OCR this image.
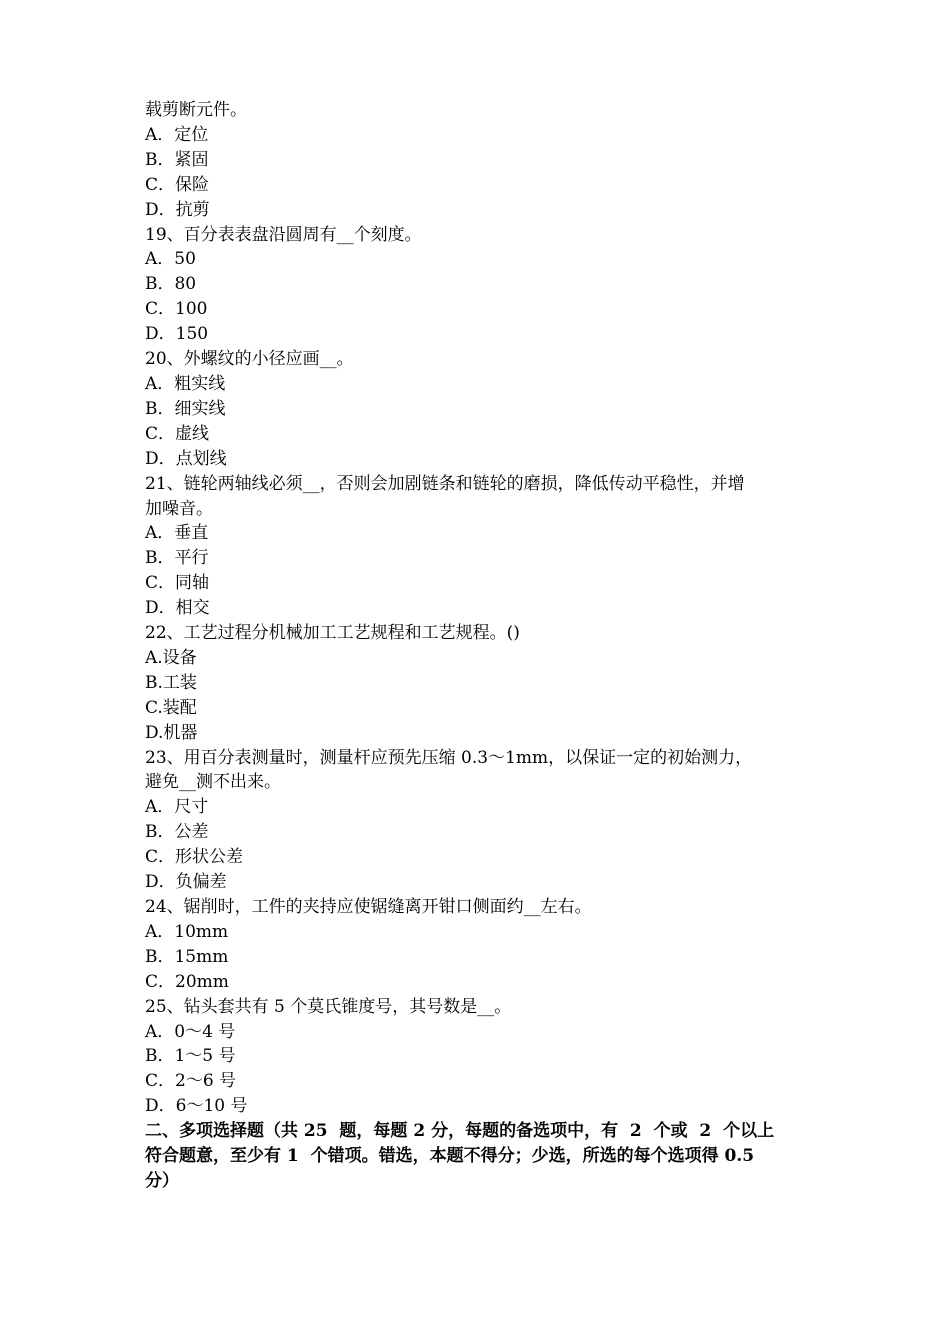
载剪断元件。
A．定位
B．紧固
C．保险
D．抗剪
19、百分表表盘沿圆周有__个刻度。
A．50
B．80
C．100
D．150
20、外螺纹的小径应画__。
A．粗实线
B．细实线
C．虚线
D．点划线
21、链轮两轴线必须__，否则会加剧链条和链轮的磨损，降低传动平稳性，并增
加噪音。
A．垂直
B．平行
C．同轴
D．相交
22、工艺过程分机械加工工艺规程和工艺规程。()
A.设备
B.工装
C.装配
D.机器
23、用百分表测量时，测量杆应预先压缩 0.3～1mm，以保证一定的初始测力，
避免__测不出来。
A．尺寸
B．公差
C．形状公差
D．负偏差
24、锯削时，工件的夹持应使锯缝离开钳口侧面约__左右。
A．10mm
B．15mm
C．20mm
25、钻头套共有 5 个莫氏锥度号，其号数是__。
A．0～4 号
B．1～5 号
C．2～6 号
D．6～10 号
二、多项选择题（共 25  题，每题 2 分，每题的备选项中，有  2  个或  2  个以上
符合题意，至少有 1  个错项。错选，本题不得分；少选，所选的每个选项得 0.5
分）
